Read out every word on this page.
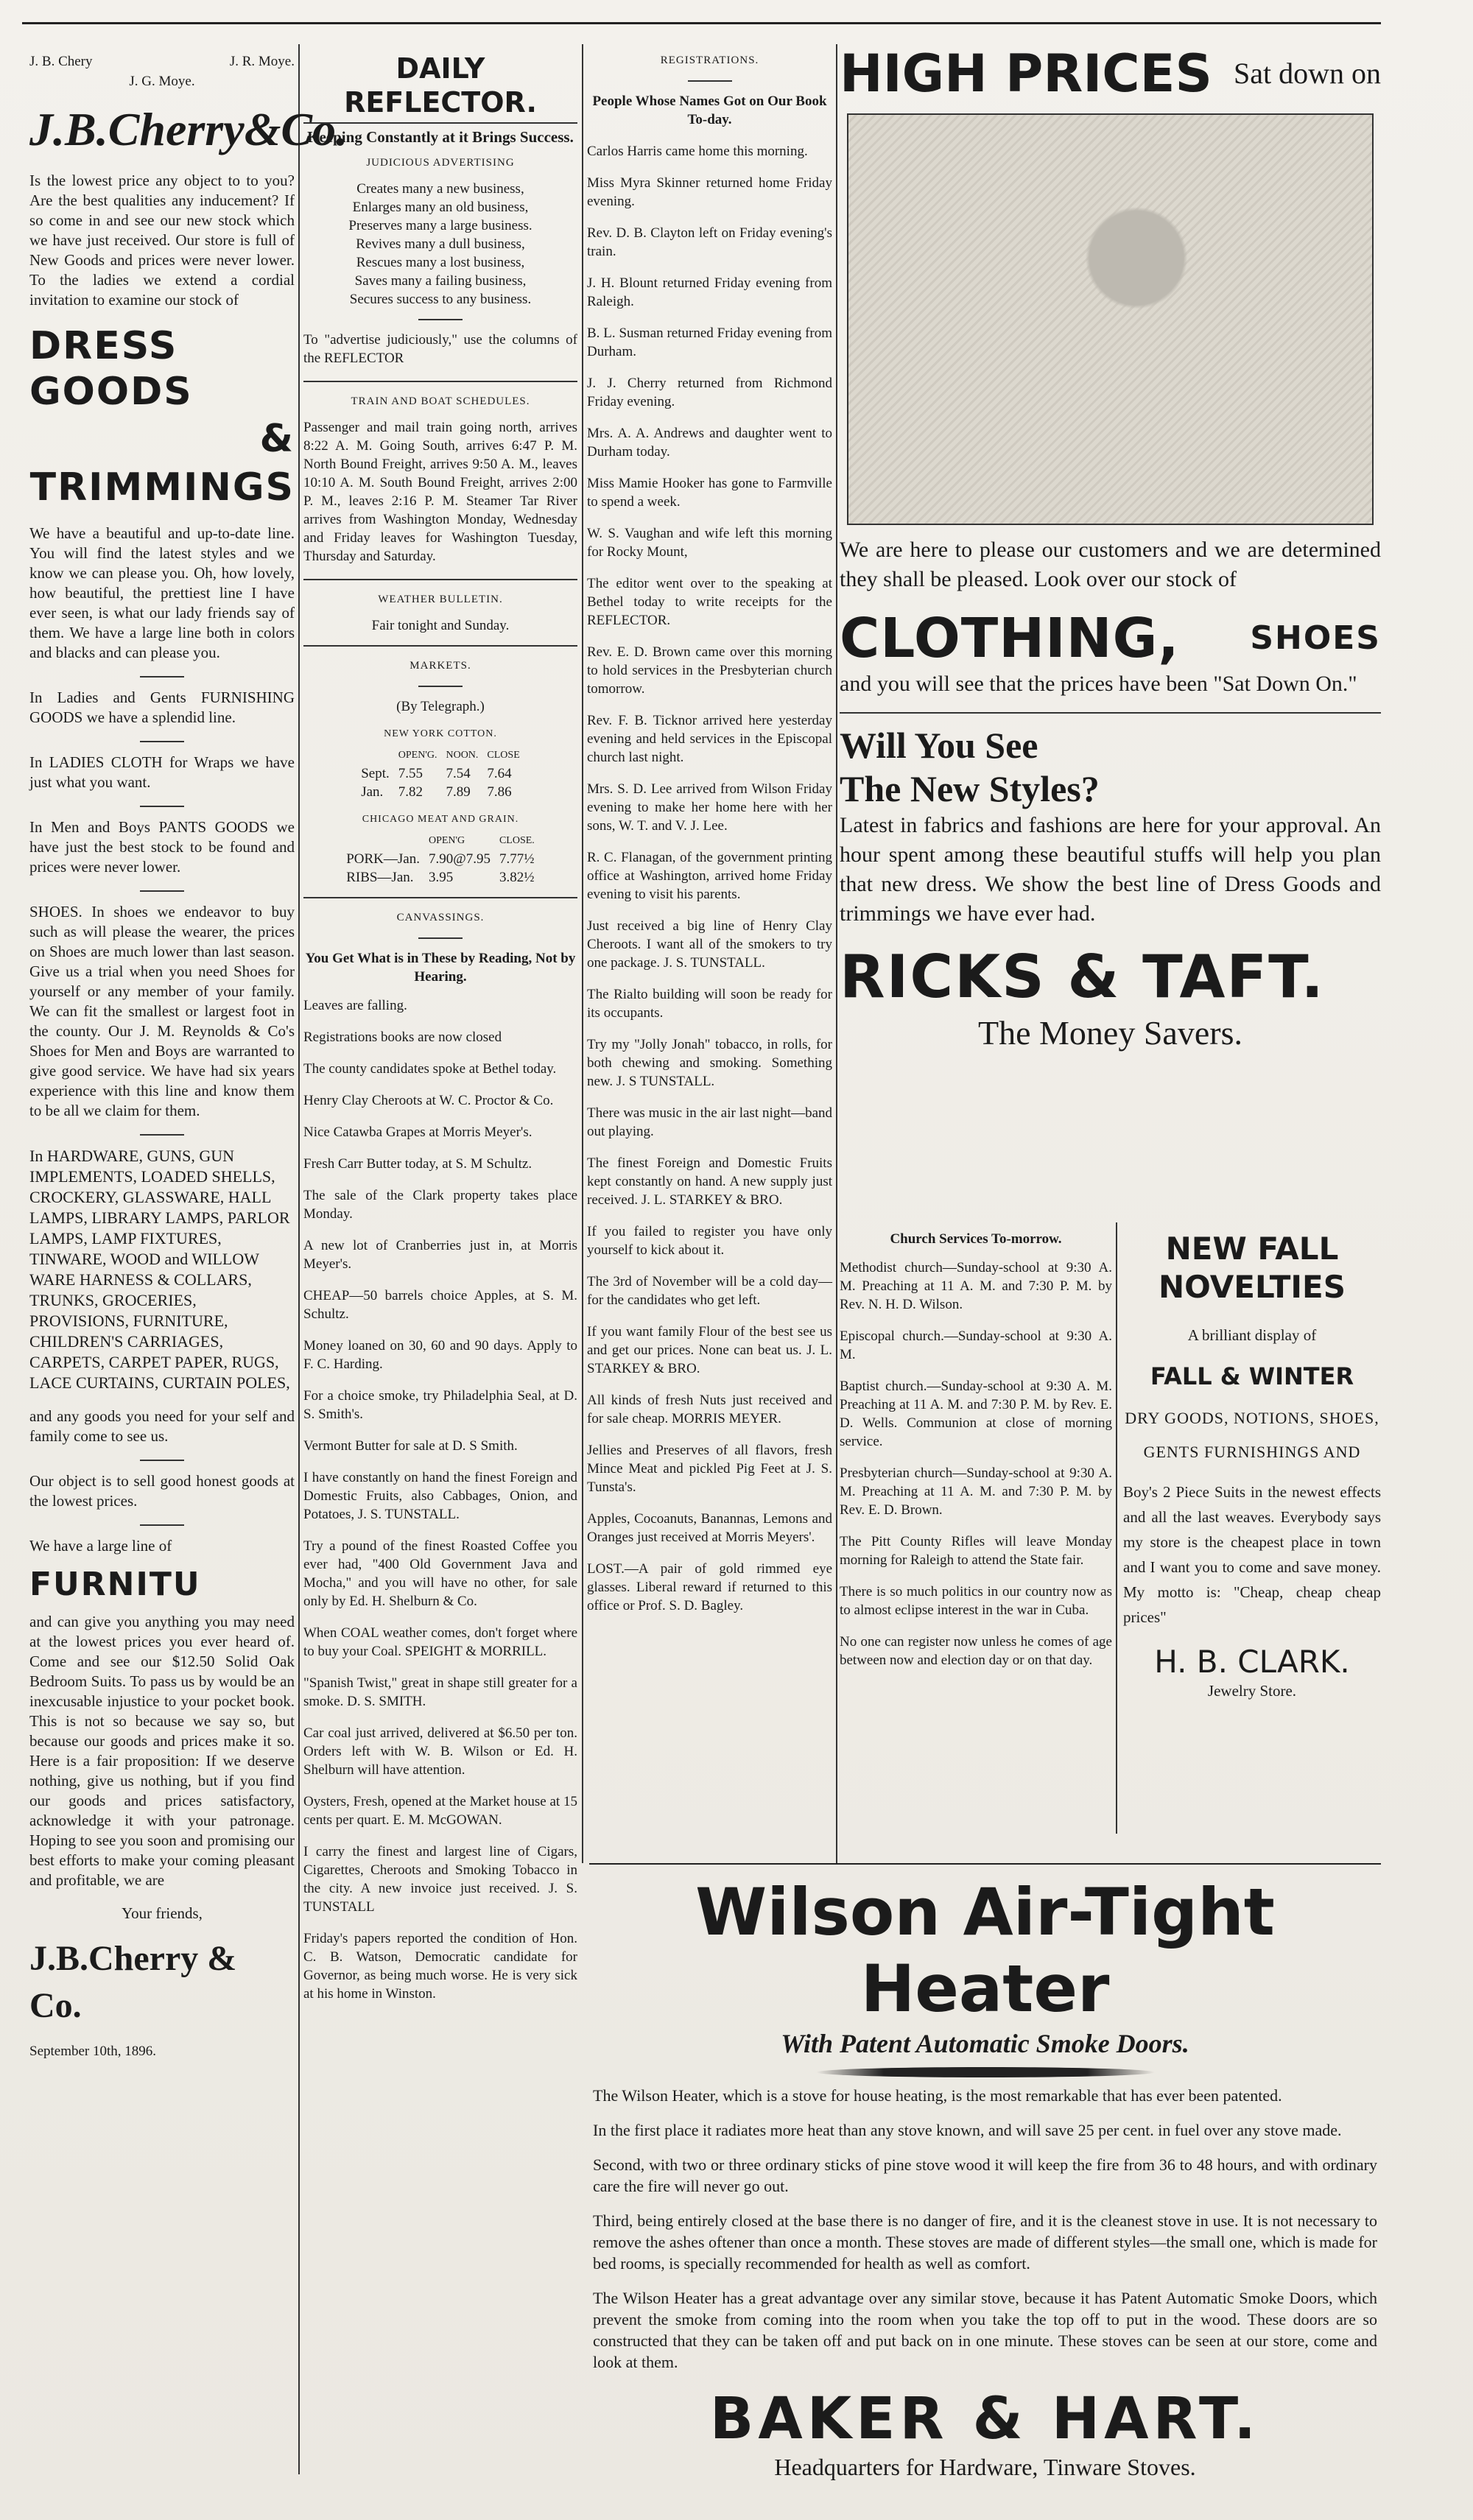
J. B. Chery	J. R. Moye.
J. G. Moye.
J.B.Cherry&Co.

Is the lowest price any object to to you? Are the best qualities any inducement? If so come in and see our new stock which we have just received. Our store is full of New Goods and prices were never lower. To the ladies we extend a cordial invitation to examine our stock of

DRESS GOODS
& TRIMMINGS

We have a beautiful and up-to-date line. You will find the latest styles and we know we can please you. Oh, how lovely, how beautiful, the prettiest line I have ever seen, is what our lady friends say of them. We have a large line both in colors and blacks and can please you.

In Ladies and Gents FURNISHING GOODS we have a splendid line.

In LADIES CLOTH for Wraps we have just what you want.

In Men and Boys PANTS GOODS we have just the best stock to be found and prices were never lower.

SHOES. In shoes we endeavor to buy such as will please the wearer, the prices on Shoes are much lower than last season. Give us a trial when you need Shoes for yourself or any member of your family. We can fit the smallest or largest foot in the county. Our J. M. Reynolds & Co's Shoes for Men and Boys are warranted to give good service. We have had six years experience with this line and know them to be all we claim for them.

In HARDWARE, GUNS, GUN IMPLEMENTS, LOADED SHELLS, CROCKERY, GLASSWARE, HALL LAMPS, LIBRARY LAMPS, PARLOR LAMPS, LAMP FIXTURES, TINWARE, WOOD and WILLOW WARE HARNESS & COLLARS, TRUNKS, GROCERIES, PROVISIONS, FURNITURE, CHILDREN'S CARRIAGES, CARPETS, CARPET PAPER, RUGS, LACE CURTAINS, CURTAIN POLES,

and any goods you need for your self and family come to see us.

Our object is to sell good honest goods at the lowest prices.

We have a large line of

FURNITU

and can give you anything you may need at the lowest prices you ever heard of. Come and see our $12.50 Solid Oak Bedroom Suits. To pass us by would be an inexcusable injustice to your pocket book. This is not so because we say so, but because our goods and prices make it so. Here is a fair proposition: If we deserve nothing, give us nothing, but if you find our goods and prices satisfactory, acknowledge it with your patronage. Hoping to see you soon and promising our best efforts to make your coming pleasant and profitable, we are

Your friends,
J.B.Cherry & Co.
September 10th, 1896.
DAILY REFLECTOR.
Keeping Constantly at it Brings Success.
JUDICIOUS ADVERTISING
Creates many a new business,
Enlarges many an old business,
Preserves many a large business.
Revives many a dull business,
Rescues many a lost business,
Saves many a failing business,
Secures success to any business.

To "advertise judiciously," use the columns of the REFLECTOR

TRAIN AND BOAT SCHEDULES.

Passenger and mail train going north, arrives 8:22 A. M. Going South, arrives 6:47 P. M. North Bound Freight, arrives 9:50 A. M., leaves 10:10 A. M. South Bound Freight, arrives 2:00 P. M., leaves 2:16 P. M. Steamer Tar River arrives from Washington Monday, Wednesday and Friday leaves for Washington Tuesday, Thursday and Saturday.

WEATHER BULLETIN.
Fair tonight and Sunday.
MARKETS.
(By Telegraph.)
NEW YORK COTTON.
	OPEN'G.	NOON.	CLOSE
Sept.	7.55	7.54	7.64
Jan.	7.82	7.89	7.86
CHICAGO MEAT AND GRAIN.
	OPEN'G	CLOSE.
PORK—Jan.	7.90@7.95	7.77½
RIBS—Jan.	3.95	3.82½
CANVASSINGS.
You Get What is in These by Reading, Not by Hearing.

Leaves are falling.

Registrations books are now closed

The county candidates spoke at Bethel today.

Henry Clay Cheroots at W. C. Proctor & Co.

Nice Catawba Grapes at Morris Meyer's.

Fresh Carr Butter today, at S. M Schultz.

The sale of the Clark property takes place Monday.

A new lot of Cranberries just in, at Morris Meyer's.

CHEAP—50 barrels choice Apples, at S. M. Schultz.

Money loaned on 30, 60 and 90 days. Apply to F. C. Harding.

For a choice smoke, try Philadelphia Seal, at D. S. Smith's.

Vermont Butter for sale at D. S Smith.

I have constantly on hand the finest Foreign and Domestic Fruits, also Cabbages, Onion, and Potatoes, J. S. TUNSTALL.

Try a pound of the finest Roasted Coffee you ever had, "400 Old Government Java and Mocha," and you will have no other, for sale only by Ed. H. Shelburn & Co.

When COAL weather comes, don't forget where to buy your Coal. SPEIGHT & MORRILL.

"Spanish Twist," great in shape still greater for a smoke. D. S. SMITH.

Car coal just arrived, delivered at $6.50 per ton. Orders left with W. B. Wilson or Ed. H. Shelburn will have attention.

Oysters, Fresh, opened at the Market house at 15 cents per quart. E. M. McGOWAN.

I carry the finest and largest line of Cigars, Cigarettes, Cheroots and Smoking Tobacco in the city. A new invoice just received. J. S. TUNSTALL

Friday's papers reported the condition of Hon. C. B. Watson, Democratic candidate for Governor, as being much worse. He is very sick at his home in Winston.

REGISTRATIONS.
People Whose Names Got on Our Book To-day.

Carlos Harris came home this morning.

Miss Myra Skinner returned home Friday evening.

Rev. D. B. Clayton left on Friday evening's train.

J. H. Blount returned Friday evening from Raleigh.

B. L. Susman returned Friday evening from Durham.

J. J. Cherry returned from Richmond Friday evening.

Mrs. A. A. Andrews and daughter went to Durham today.

Miss Mamie Hooker has gone to Farmville to spend a week.

W. S. Vaughan and wife left this morning for Rocky Mount,

The editor went over to the speaking at Bethel today to write receipts for the REFLECTOR.

Rev. E. D. Brown came over this morning to hold services in the Presbyterian church tomorrow.

Rev. F. B. Ticknor arrived here yesterday evening and held services in the Episcopal church last night.

Mrs. S. D. Lee arrived from Wilson Friday evening to make her home here with her sons, W. T. and V. J. Lee.

R. C. Flanagan, of the government printing office at Washington, arrived home Friday evening to visit his parents.

Just received a big line of Henry Clay Cheroots. I want all of the smokers to try one package. J. S. TUNSTALL.

The Rialto building will soon be ready for its occupants.

Try my "Jolly Jonah" tobacco, in rolls, for both chewing and smoking. Something new. J. S TUNSTALL.

There was music in the air last night—band out playing.

The finest Foreign and Domestic Fruits kept constantly on hand. A new supply just received. J. L. STARKEY & BRO.

If you failed to register you have only yourself to kick about it.

The 3rd of November will be a cold day—for the candidates who get left.

If you want family Flour of the best see us and get our prices. None can beat us. J. L. STARKEY & BRO.

All kinds of fresh Nuts just received and for sale cheap. MORRIS MEYER.

Jellies and Preserves of all flavors, fresh Mince Meat and pickled Pig Feet at J. S. Tunsta's.

Apples, Cocoanuts, Banannas, Lemons and Oranges just received at Morris Meyers'.

LOST.—A pair of gold rimmed eye glasses. Liberal reward if returned to this office or Prof. S. D. Bagley.

HIGH PRICES Sat down on

We are here to please our customers and we are determined they shall be pleased. Look over our stock of

CLOTHING, SHOES

and you will see that the prices have been "Sat Down On."

Will You See
The New Styles?

Latest in fabrics and fashions are here for your approval. An hour spent among these beautiful stuffs will help you plan that new dress. We show the best line of Dress Goods and trimmings we have ever had.

RICKS & TAFT.
The Money Savers.
Church Services To-morrow.

Methodist church—Sunday-school at 9:30 A. M. Preaching at 11 A. M. and 7:30 P. M. by Rev. N. H. D. Wilson.

Episcopal church.—Sunday-school at 9:30 A. M.

Baptist church.—Sunday-school at 9:30 A. M. Preaching at 11 A. M. and 7:30 P. M. by Rev. E. D. Wells. Communion at close of morning service.

Presbyterian church—Sunday-school at 9:30 A. M. Preaching at 11 A. M. and 7:30 P. M. by Rev. E. D. Brown.

The Pitt County Rifles will leave Monday morning for Raleigh to attend the State fair.

There is so much politics in our country now as to almost eclipse interest in the war in Cuba.

No one can register now unless he comes of age between now and election day or on that day.

NEW FALL NOVELTIES
A brilliant display of
FALL & WINTER
DRY GOODS, NOTIONS, SHOES, GENTS FURNISHINGS AND

Boy's 2 Piece Suits in the newest effects and all the last weaves. Everybody says my store is the cheapest place in town and I want you to come and save money. My motto is: "Cheap, cheap cheap prices"

H. B. CLARK.
Jewelry Store.
Wilson Air-Tight Heater
With Patent Automatic Smoke Doors.

The Wilson Heater, which is a stove for house heating, is the most remarkable that has ever been patented.

In the first place it radiates more heat than any stove known, and will save 25 per cent. in fuel over any stove made.

Second, with two or three ordinary sticks of pine stove wood it will keep the fire from 36 to 48 hours, and with ordinary care the fire will never go out.

Third, being entirely closed at the base there is no danger of fire, and it is the cleanest stove in use. It is not necessary to remove the ashes oftener than once a month. These stoves are made of different styles—the small one, which is made for bed rooms, is specially recommended for health as well as comfort.

The Wilson Heater has a great advantage over any similar stove, because it has Patent Automatic Smoke Doors, which prevent the smoke from coming into the room when you take the top off to put in the wood. These doors are so constructed that they can be taken off and put back on in one minute. These stoves can be seen at our store, come and look at them.

BAKER & HART.
Headquarters for Hardware, Tinware Stoves.
